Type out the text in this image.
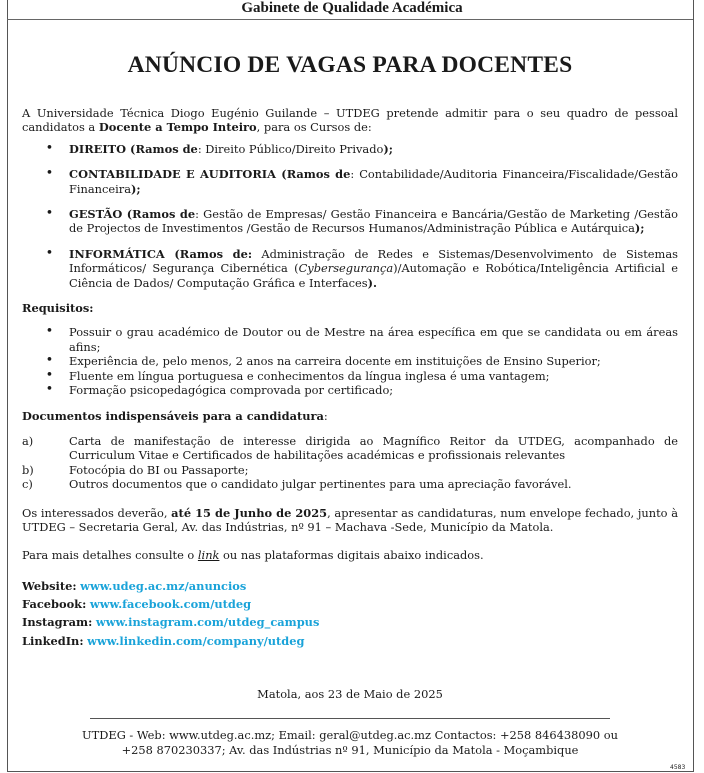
Gabinete de Qualidade Académica
ANÚNCIO DE VAGAS PARA DOCENTES

A Universidade Técnica Diogo Eugénio Guilande – UTDEG pretende admitir para o seu quadro de pessoal candidatos a Docente a Tempo Inteiro, para os Cursos de:

•	DIREITO (Ramos de: Direito Público/Direito Privado);
•	CONTABILIDADE E AUDITORIA (Ramos de: Contabilidade/Auditoria Financeira/Fiscalidade/Gestão Financeira);
•	GESTÃO (Ramos de: Gestão de Empresas/ Gestão Financeira e Bancária/Gestão de Marketing /Gestão de Projectos de Investimentos /Gestão de Recursos Humanos/Administração Pública e Autárquica);
•	INFORMÁTICA (Ramos de: Administração de Redes e Sistemas/Desenvolvimento de Sistemas Informáticos/ Segurança Cibernética (Cybersegurança)/Automação e Robótica/Inteligência Artificial e Ciência de Dados/ Computação Gráfica e Interfaces).

Requisitos:

•	Possuir o grau académico de Doutor ou de Mestre na área específica em que se candidata ou em áreas afins;
•	Experiência de, pelo menos, 2 anos na carreira docente em instituições de Ensino Superior;
•	Fluente em língua portuguesa e conhecimentos da língua inglesa é uma vantagem;
•	Formação psicopedagógica comprovada por certificado;

Documentos indispensáveis para a candidatura:

a)	Carta de manifestação de interesse dirigida ao Magnífico Reitor da UTDEG, acompanhado de Curriculum Vitae e Certificados de habilitações académicas e profissionais relevantes
b)	Fotocópia do BI ou Passaporte;
c)	Outros documentos que o candidato julgar pertinentes para uma apreciação favorável.

Os interessados deverão, até 15 de Junho de 2025, apresentar as candidaturas, num envelope fechado, junto à UTDEG – Secretaria Geral, Av. das Indústrias, nº 91 – Machava -Sede, Município da Matola.

Para mais detalhes consulte o link ou nas plataformas digitais abaixo indicados.

Website: www.udeg.ac.mz/anuncios
Facebook: www.facebook.com/utdeg
Instagram: www.instagram.com/utdeg_campus
LinkedIn: www.linkedin.com/company/utdeg
Matola, aos 23 de Maio de 2025
UTDEG - Web: www.utdeg.ac.mz; Email: geral@utdeg.ac.mz Contactos: +258 846438090 ou
+258 870230337; Av. das Indústrias nº 91, Município da Matola - Moçambique
4583
